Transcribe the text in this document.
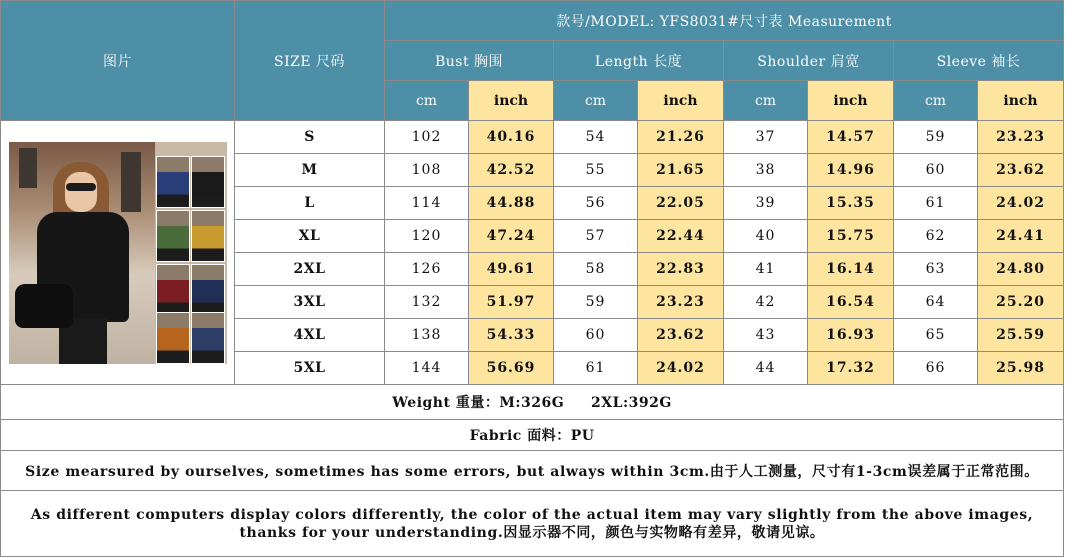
图片	SIZE 尺码	款号/MODEL: YFS8031#尺寸表 Measurement							
		Bust 胸围		Length 长度		Shoulder 肩宽		Sleeve 袖长	
		cm	inch	cm	inch	cm	inch	cm	inch

	S	102	40.16	54	21.26	37	14.57	59	23.23
	M	108	42.52	55	21.65	38	14.96	60	23.62
	L	114	44.88	56	22.05	39	15.35	61	24.02
	XL	120	47.24	57	22.44	40	15.75	62	24.41
	2XL	126	49.61	58	22.83	41	16.14	63	24.80
	3XL	132	51.97	59	23.23	42	16.54	64	25.20
	4XL	138	54.33	60	23.62	43	16.93	65	25.59
	5XL	144	56.69	61	24.02	44	17.32	66	25.98
Weight 重量：M:326G     2XL:392G									
Fabric 面料：PU									
Size mearsured by ourselves, sometimes has some errors, but always within 3cm.由于人工测量，尺寸有1-3cm误差属于正常范围。									
As different computers display colors differently, the color of the actual item may vary slightly from the above images, thanks for your understanding.因显示器不同，颜色与实物略有差异，敬请见谅。									
